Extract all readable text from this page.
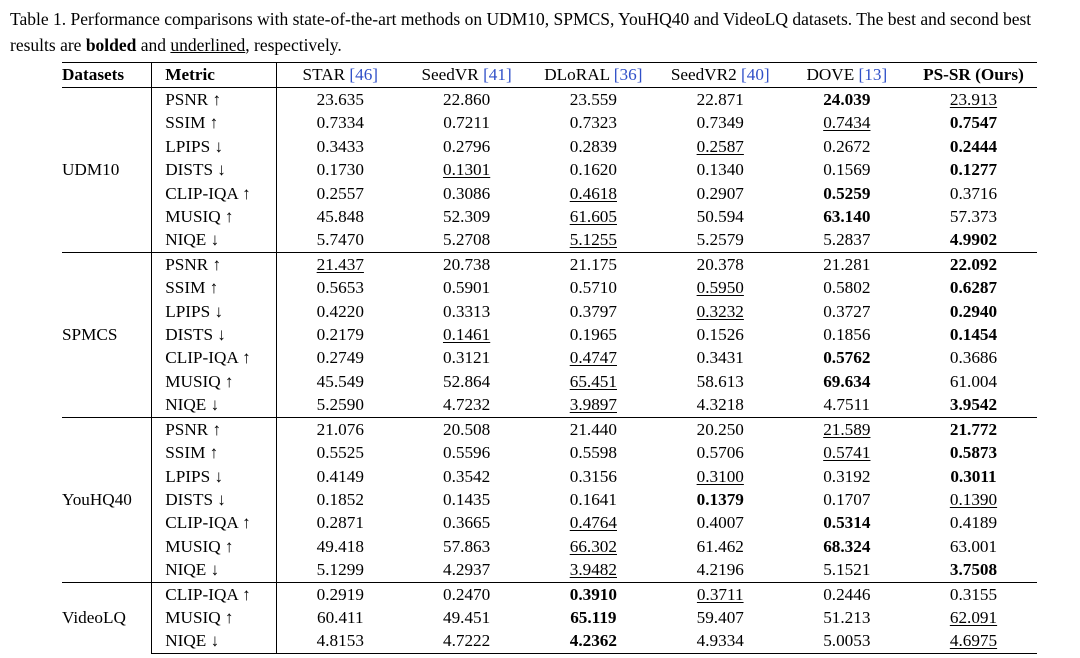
Table 1. Performance comparisons with state-of-the-art methods on UDM10, SPMCS, YouHQ40 and VideoLQ datasets. The best and second best results are bolded and underlined, respectively.
Datasets	Metric	STAR [46]	SeedVR [41]	DLoRAL [36]	SeedVR2 [40]	DOVE [13]	PS-SR (Ours)
UDM10	PSNR ↑	23.635	22.860	23.559	22.871	24.039	23.913
	SSIM ↑	0.7334	0.7211	0.7323	0.7349	0.7434	0.7547
	LPIPS ↓	0.3433	0.2796	0.2839	0.2587	0.2672	0.2444
	DISTS ↓	0.1730	0.1301	0.1620	0.1340	0.1569	0.1277
	CLIP-IQA ↑	0.2557	0.3086	0.4618	0.2907	0.5259	0.3716
	MUSIQ ↑	45.848	52.309	61.605	50.594	63.140	57.373
	NIQE ↓	5.7470	5.2708	5.1255	5.2579	5.2837	4.9902
SPMCS	PSNR ↑	21.437	20.738	21.175	20.378	21.281	22.092
	SSIM ↑	0.5653	0.5901	0.5710	0.5950	0.5802	0.6287
	LPIPS ↓	0.4220	0.3313	0.3797	0.3232	0.3727	0.2940
	DISTS ↓	0.2179	0.1461	0.1965	0.1526	0.1856	0.1454
	CLIP-IQA ↑	0.2749	0.3121	0.4747	0.3431	0.5762	0.3686
	MUSIQ ↑	45.549	52.864	65.451	58.613	69.634	61.004
	NIQE ↓	5.2590	4.7232	3.9897	4.3218	4.7511	3.9542
YouHQ40	PSNR ↑	21.076	20.508	21.440	20.250	21.589	21.772
	SSIM ↑	0.5525	0.5596	0.5598	0.5706	0.5741	0.5873
	LPIPS ↓	0.4149	0.3542	0.3156	0.3100	0.3192	0.3011
	DISTS ↓	0.1852	0.1435	0.1641	0.1379	0.1707	0.1390
	CLIP-IQA ↑	0.2871	0.3665	0.4764	0.4007	0.5314	0.4189
	MUSIQ ↑	49.418	57.863	66.302	61.462	68.324	63.001
	NIQE ↓	5.1299	4.2937	3.9482	4.2196	5.1521	3.7508
VideoLQ	CLIP-IQA ↑	0.2919	0.2470	0.3910	0.3711	0.2446	0.3155
	MUSIQ ↑	60.411	49.451	65.119	59.407	51.213	62.091
	NIQE ↓	4.8153	4.7222	4.2362	4.9334	5.0053	4.6975
